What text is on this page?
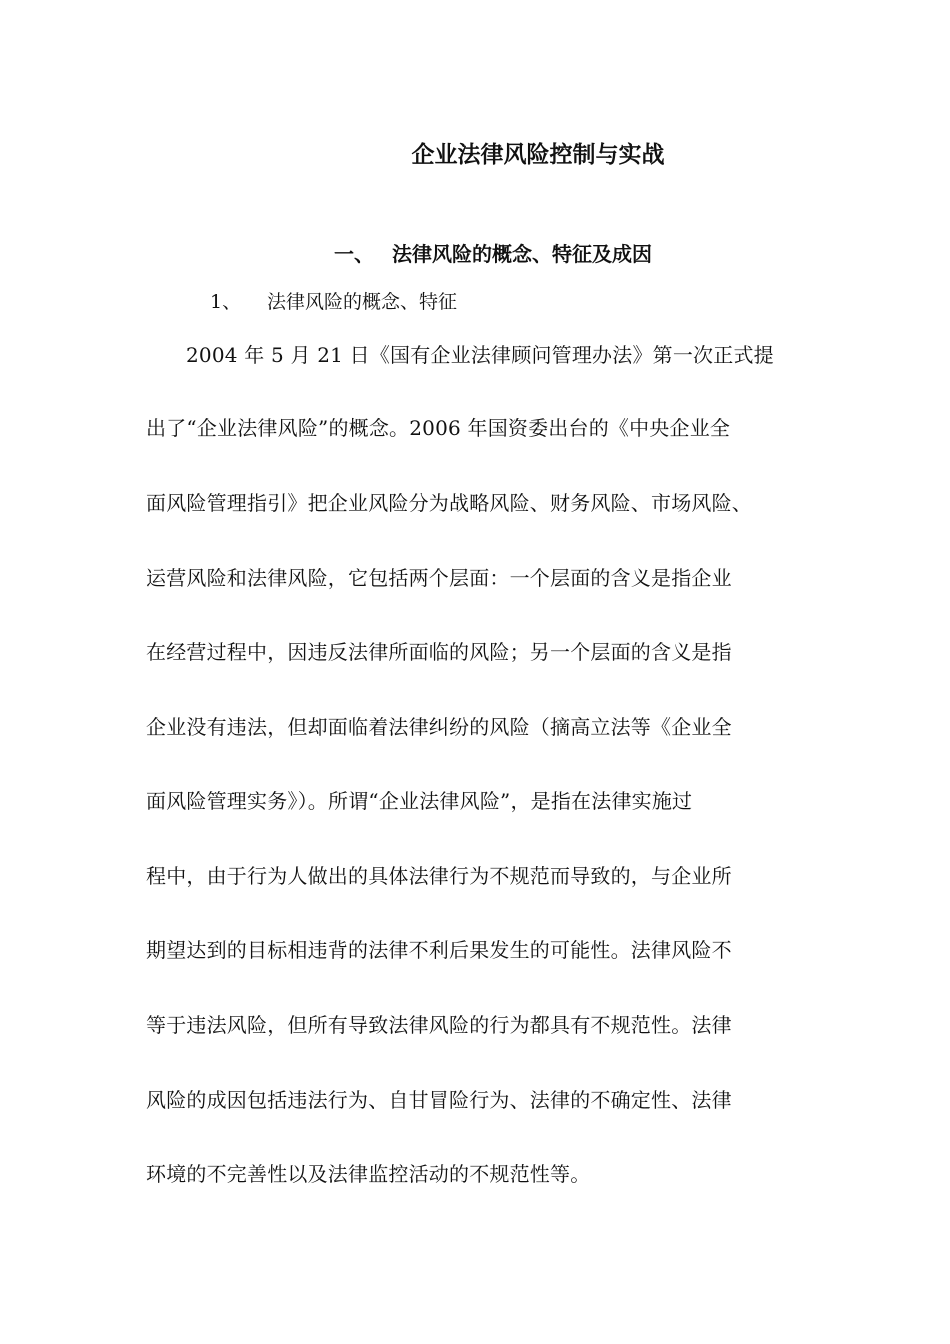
企业法律风险控制与实战
一、 法律风险的概念、特征及成因
1、 法律风险的概念、特征
2004 年 5 月 21 日《国有企业法律顾问管理办法》第一次正式提
出了“企业法律风险”的概念。2006 年国资委出台的《中央企业全
面风险管理指引》把企业风险分为战略风险、财务风险、市场风险、
运营风险和法律风险，它包括两个层面：一个层面的含义是指企业
在经营过程中，因违反法律所面临的风险；另一个层面的含义是指
企业没有违法，但却面临着法律纠纷的风险（摘高立法等《企业全
面风险管理实务》）。所谓“企业法律风险”，是指在法律实施过
程中，由于行为人做出的具体法律行为不规范而导致的，与企业所
期望达到的目标相违背的法律不利后果发生的可能性。法律风险不
等于违法风险，但所有导致法律风险的行为都具有不规范性。法律
风险的成因包括违法行为、自甘冒险行为、法律的不确定性、法律
环境的不完善性以及法律监控活动的不规范性等。
